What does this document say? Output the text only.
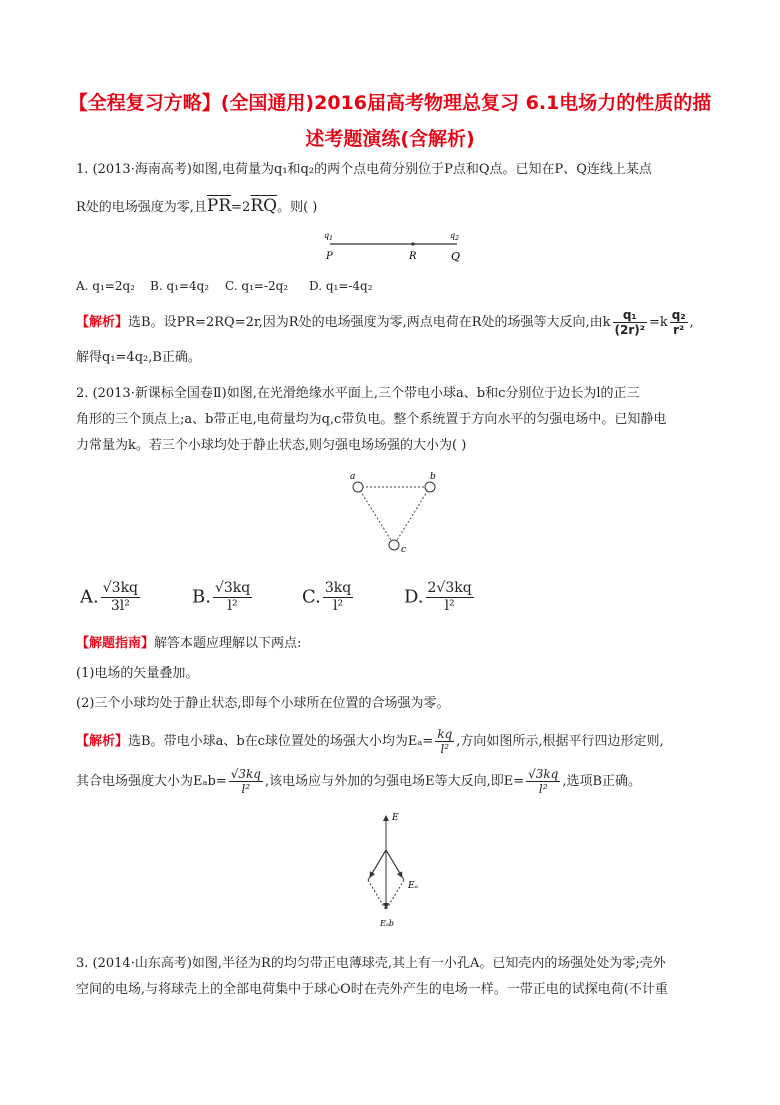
【全程复习方略】(全国通用)2016届高考物理总复习 6.1电场力的性质的描
述考题演练(含解析)
1. (2013·海南高考)如图,电荷量为q₁和q₂的两个点电荷分别位于P点和Q点。已知在P、Q连线上某点
R处的电场强度为零,且$\overline{PR}=2\overline{RQ}$。则( )
$q_1$	$q_2$
P	R	Q
A. q₁=2q₂ B. q₁=4q₂ C. q₁=-2q₂ D. q₁=-4q₂
【解析】选B。设PR=2RQ=2r,因为R处的电场强度为零,两点电荷在R处的场强等大反向,由k $\frac{\text{q₁}}{\text{(2r)²}} =k \frac{\text{q₂}}{\text{r²}}$ ,
解得q₁=4q₂,B正确。
2. (2013·新课标全国卷Ⅱ)如图,在光滑绝缘水平面上,三个带电小球a、b和c分别位于边长为l的正三
角形的三个顶点上;a、b带正电,电荷量均为q,c带负电。整个系统置于方向水平的匀强电场中。已知静电
力常量为k。若三个小球均处于静止状态,则匀强电场场强的大小为( )
a	b
c
A. $\frac{√3kq}{\text{3l²}}$	B. $\frac{√3kq}{\text{l²}}$	C. $\frac{3kq}{\text{l²}}$	D. $\frac{2√3kq}{\text{l²}}$
【解题指南】解答本题应理解以下两点:
(1)电场的矢量叠加。
(2)三个小球均处于静止状态,即每个小球所在位置的合场强为零。
【解析】选B。带电小球a、b在c球位置处的场强大小均为$E_a= \frac{kq}{\text{l²}}$ ,方向如图所示,根据平行四边形定则,
其合电场强度大小为$E_ab= \frac{√3kq}{\text{l²}}$ ,该电场应与外加的匀强电场E等大反向,即$E= \frac{√3kq}{\text{l²}}$ ,选项B正确。
E
Eₐ
Eₐb
3. (2014·山东高考)如图,半径为R的均匀带正电薄球壳,其上有一小孔A。已知壳内的场强处处为零;壳外
空间的电场,与将球壳上的全部电荷集中于球心O时在壳外产生的电场一样。一带正电的试探电荷(不计重
